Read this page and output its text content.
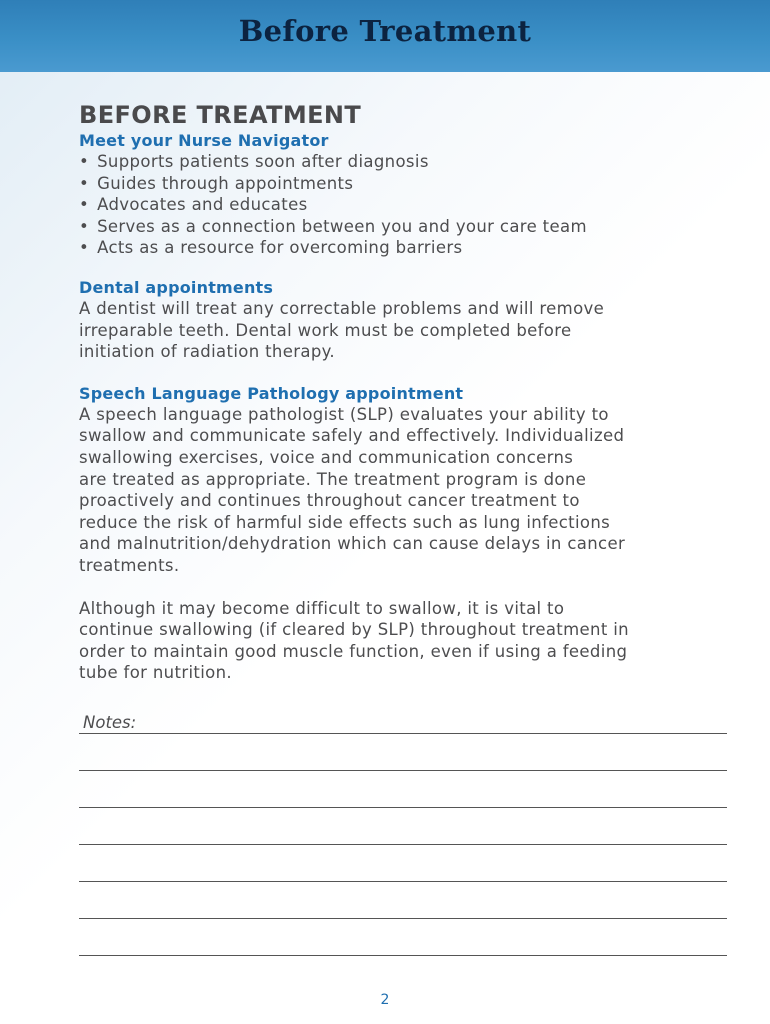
Before Treatment
BEFORE TREATMENT
Meet your Nurse Navigator
• Supports patients soon after diagnosis
• Guides through appointments
• Advocates and educates
• Serves as a connection between you and your care team
• Acts as a resource for overcoming barriers
Dental appointments
A dentist will treat any correctable problems and will remove
irreparable teeth. Dental work must be completed before
initiation of radiation therapy.
Speech Language Pathology appointment
A speech language pathologist (SLP) evaluates your ability to
swallow and communicate safely and effectively. Individualized
swallowing exercises, voice and communication concerns
are treated as appropriate. The treatment program is done
proactively and continues throughout cancer treatment to
reduce the risk of harmful side effects such as lung infections
and malnutrition/dehydration which can cause delays in cancer
treatments.
Although it may become difficult to swallow, it is vital to
continue swallowing (if cleared by SLP) throughout treatment in
order to maintain good muscle function, even if using a feeding
tube for nutrition.
Notes:
2
